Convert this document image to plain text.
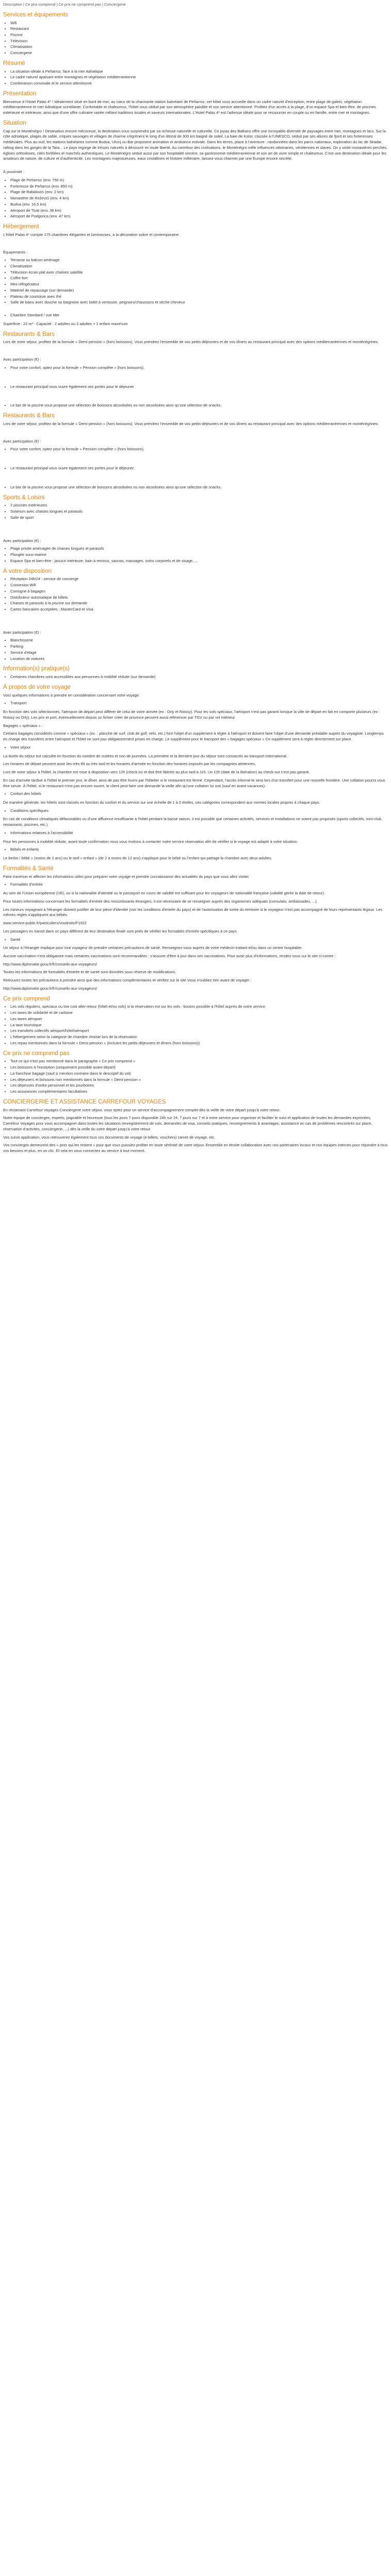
Description | Ce prix comprend | Ce prix ne comprend pas | Conciergerie
Services et équipements
• Wifi
• Restaurant
• Piscine
• Télévision
• Climatisation
• Conciergerie
Résumé
• La situation idéale à Peñarroz, face à la mer Adriatique
• Le cadre naturel apaisant entre montagnes et végétation méditerranéenne
• Combinaison conviviale et le service attentionné
Présentation

Bienvenue à l'Hotel Palas 4* ! Idéalement situé en bord de mer, au cœur de la charmante station balnéaire de Peñarroz, cet hôtel vous accueille dans un cadre naturel d'exception, entre plage de galets, végétation méditerranéenne et mer Adriatique scintillante. Confortable et chaleureux, l'hôtel vous séduit par son atmosphère paisible et son service attentionné. Profitez d'un accès à la plage, d'un espace Spa et bien-être, de piscines extérieure et intérieure, ainsi que d'une offre culinaire variée mêlant traditions locales et saveurs internationales. L'Hotel Palas 4* est l'adresse idéale pour se ressourcer en couple ou en famille, entre mer et montagnes.

Situation

Cap sur le Monténégro ! Destination encore méconnue, la destination vous surprendra par sa richesse naturelle et culturelle. Ce joyau des Balkans offre une incroyable diversité de paysages entre mer, montagnes et lacs. Sur la côte adriatique, plages de sable, criques sauvages et villages de charme s'égrènent le long d'un littoral de 300 km baigné de soleil. La baie de Kotor, classée à l'UNESCO, séduit par ses allures de fjord et ses forteresses médiévales. Plus au sud, les stations balnéaires comme Budva, Ulcinj ou Bar proposent animation et ambiance estivale. Dans les terres, place à l'aventure : randonnées dans les parcs nationaux, exploration du lac de Skadar, rafting dans les gorges de la Tara... Le pays regorge de trésors naturels à découvrir en toute liberté. Au carrefour des civilisations, le Monténégro mêle influences ottomanes, vénitiennes et slaves. On y visite monastères perchés, églises orthodoxes, cités fortifiées et marchés authentiques. Le Monténégro séduit aussi par son hospitalité sincère, sa gastronomie méditerranéenne et son art de vivre simple et chaleureux. C'est une destination idéale pour les amateurs de nature, de culture et d'authenticité. Les montagnes majestueuses, eaux cristallines et histoire millénaire, laissez-vous charmer par une Europe encore secrète.

À proximité :

• Plage de Peñarroz (env. 750 m)
• Forteresse de Peñarroz (env. 850 m)
• Plage de Rafailovići (env. 2 km)
• Monastère de Reževići (env. 4 km)
• Budva (env. 16,5 km)
• Aéroport de Tivat (env. 38 km)
• Aéroport de Podgorica (env. 47 km)
Hébergement

L'hôtel Palas 4* compte 175 chambres élégantes et lumineuses, à la décoration sobre et contemporaine.

Équipements :

• Terrasse ou balcon aménagé
• Climatisation
• Télévision écran plat avec chaînes satellite
• Coffre-fort
• Mini-réfrigérateur
• Matériel de repassage (sur demande)
• Plateau de courtoisie avec thé
• Salle de bains avec douche ou baignoire avec bidet à ventouse, peignoirs/chaussons et sèche-cheveux
• Chambre Standard / vue Mer

Superficie : 22 m² - Capacité : 2 adultes ou 2 adultes + 1 enfant maximum

Restaurants & Bars

Lors de votre séjour, profitez de la formule « Demi-pension » (hors boissons). Vous prendrez l'ensemble de vos petits-déjeuners et de vos dîners au restaurant principal avec des options méditerranéennes et monténégrines.

Avec participation (€) :

• Pour votre confort, optez pour la formule « Pension complète » (hors boissons).
• Le restaurant principal vous ouvre également ses portes pour le déjeuner.
• Le bar de la piscine vous propose une sélection de boissons alcoolisées ou non alcoolisées ainsi qu'une sélection de snacks.
Restaurants & Bars

Lors de votre séjour, profitez de la formule « Demi-pension » (hors boissons). Vous prendrez l'ensemble de vos petits-déjeuners et de vos dîners au restaurant principal avec des options méditerranéennes et monténégrines.

Avec participation (€) :

• Pour votre confort, optez pour la formule « Pension complète » (hors boissons).
• Le restaurant principal vous ouvre également ses portes pour le déjeuner.
• Le bar de la piscine vous propose une sélection de boissons alcoolisées ou non alcoolisées ainsi qu'une sélection de snacks.
Sports & Loisirs
• 2 piscines extérieures
• Solarium avec chaises longues et parasols
• Salle de sport

Avec participation (€) :

• Plage privée aménagée de chaises longues et parasols
• Plongée sous-marine
• Espace Spa et bien-être : jacuzzi intérieure, bain à remous, saunas, massages, soins corporels et de visage, ...
À votre disposition
• Réception 24h/24 - service de concierge
• Connexion Wifi
• Consigne à bagages
• Distributeur automatique de billets
• Chaises et parasols à la piscine sur demande
• Cartes bancaires acceptées : MasterCard et Visa

Avec participation (€) :

• Blanchisserie
• Parking
• Service d'étage
• Location de voitures
Information(s) pratique(s)
• Certaines chambres sont accessibles aux personnes à mobilité réduite (sur demande)
À propos de votre voyage

Voici quelques informations à prendre en considération concernant votre voyage.

• Transport

En fonction des vols sélectionnés, l'aéroport de départ peut différer de celui de votre arrivée (ex : Orly et Roissy). Pour les vols spéciaux, l'aéroport n'est pas garanti lorsque la ville de départ en fait en comporte plusieurs (ex : Roissy ou Orly). Les prix et port, éventuellement depuis un fichier créer de province peuvent aussi référencer par TGV ou par vol intérieur.

Bagages « spéciaux » :

Certains bagages considérés comme « spéciaux » (ex. : planche de surf, club de golf, vélo, etc.) font l'objet d'un supplément à régler à l'aéroport et doivent faire l'objet d'une demande préalable auprès du voyagiste. Longtemps en charge des transferts entre l'aéroport et l'hôtel ne sont pas obligatoirement prises en charge. Le supplément pour le transport des « bagages spéciaux » Ce supplément sera à régler directement sur place.

• Votre séjour

La durée du séjour est calculée en fonction du nombre de nuitées et non de journées. La première et la dernière jour du séjour sont consacrés au transport international.

Les horaires de départ peuvent avoir lieu très tôt ou très tard et les horaires d'arrivée en fonction des horaires imposés par les compagnies aériennes.

Lors de votre séjour à l'hôtel, la chambre est mise à disposition vers 12h (check-in) et doit être libérée au plus tard à 11h. Un 12h (date de la libération) au check-out n'est pas garanti.

En cas d'arrivée tardive à l'hôtel le premier jour, le dîner, ainsi de pas être fourni par l'hôtelier si le restaurant est fermé. Cependant, l'accès informé-le sera lors d'un transfert pour une nouvelle frontière. Une collation pourra vous être servie. À l'hôtel, si le restaurant n'est pas encore ouvert, le client peut faire une demande la veille afin qu'une collation lui soit (sauf en avant-vacances).

• Confort des hôtels

De manière générale, les hôtels sont classés en fonction du confort et du service sur une échelle de 1 à 5 étoiles, ces catégories correspondent aux normes locales propres à chaque pays.

• Conditions spécifiques

En cas de conditions climatiques défavorables ou d'une affluence insuffisante à l'hôtel pendant la basse saison, il est possible que certaines activités, services et installations ne soient pas proposés (sports collectifs, mini-club, restaurants, piscines, etc.)

• Informations relatives à l'accessibilité

Pour les personnes à mobilité réduite, avant toute confirmation nous vous invitons à contacter notre service réservation afin de vérifier si le voyage est adapté à votre situation.

• Bébés et enfants

Le berbe / bébé » (moins de 2 ans) ou le tarif « enfant » (de 2 à moins de 12 ans) s'applique pour le bébé ou l'enfant qui partage la chambre avec deux adultes.

Formalités & Santé

Faire traverser et affecter les informations utiles pour préparer votre voyage et prendre connaissance des actualités du pays que vous allez visiter.

• Formalités d'entrée

Au sein de l'Union européenne (UE), ou si la nationalité d'identité ou le passeport en cours de validité est suffisant pour les voyageurs de nationalité française (validité gérée la date de retour).

Pour toutes informations concernant les formalités d'entrée des ressortissants étrangers, il est nécessaire de se renseigner auprès des organismes adéquats (consulats, ambassades, ...).

Les mineurs voyageant à l'étranger doivent justifier de leur pièce d'identité (voir les conditions d'entrée du pays) et de l'autorisation de sortie du territoire si le voyageur n'est pas accompagné de leurs représentants légaux. Les mêmes règles s'appliquent aux bébés.

www.service-public.fr/particuliers/vosdroits/F1922

Les passagers en transit dans un pays différent de leur destination finale sont priés de vérifier les formalités d'entrée spécifiques à ce pays.

• Santé

Un séjour à l'étranger implique pour tout voyageur de prendre certaines précautions de santé. Renseignez-vous auprès de votre médecin traitant et/ou dans un centre hospitalier.

Aucune vaccination n'est obligatoire mais certaines vaccinations sont recommandées : s'assurer d'être à jour dans ses vaccinations. Pour avoir plus d'informations, rendez-vous sur le site ci-contre :

http://www.diplomatie.gouv.fr/fr/conseils-aux-voyageurs/

Toutes les informations de formalités d'entrée et de santé sont données sous réserve de modifications.

Retrouvez toutes les précautions à prendre ainsi que des informations complémentaires et vérifiez sur le site Vous n'oubliez rien avant de voyager :

http://www.diplomatie.gouv.fr/fr/conseils-aux-voyageurs/

Ce prix comprend
• Les vols réguliers, spéciaux ou low cost aller-retour (hôtel et/ou vols) si la réservation est sur les vols - bouton possible à l'hôtel auprès de notre service
• Les taxes de solidarité et de carbone
• Les taxes aéroport
• La taxe touristique
• Les transferts collectifs aéroport/hôtel/aéroport
• L'hébergement selon la catégorie de chambre choisie lors de la réservation
• Les repas mentionnés dans la formule « Demi-pension » (incluant les petits-déjeuners et dîners (hors boissons))
Ce prix ne comprend pas
• Tout ce qui n'est pas mentionné dans le paragraphe « Ce prix comprend »
• Les boissons à l'exception (uniquement possible avant départ)
• La franchise bagage (sauf si mention contraire dans le descriptif du vol)
• Les déjeuners et boissons non mentionnés dans la formule « Demi-pension »
• Les dépenses d'ordre personnel et les pourboires
• Les assurances complémentaires facultatives
CONCIERGERIE ET ASSISTANCE CARREFOUR VOYAGES

En réclamant Carrefour Voyages Conciergerie votre séjour, vous optez pour un service d'accompagnement complet dès la veille de votre départ jusqu'à votre retour.

Notre équipe de concierges, experts, joignable et heureuse (tous les jours 7 jours disponible 24h sur 24, 7 jours sur 7 et à votre service pour organiser et faciliter le suivi et application de toutes les demandes exprimées, Carrefour Voyages pour vous accompagner dans toutes les situations (enregistrement de vols, demandes de visa, conseils pratiques, renseignements & avantages, assistance en cas de problèmes rencontrés sur place, réservation d'activités, conciergerie, ...) dès la veille du votre départ jusqu'à votre retour.

Vos suivis application, vous retrouverez également tous vos documents de voyage (e-billets, vouchers) carnet de voyage, etc.

Vos concierges demeurent des « pros qui les restent » pour que vous puissiez profiter en toute sérénité de votre séjour. Ensemble en étroite collaboration avec nos partenaires locaux et nos équipes internes pour répondre à tous vos besoins et plus, en un clic. Et cela en vous connectez au service à tout moment.
